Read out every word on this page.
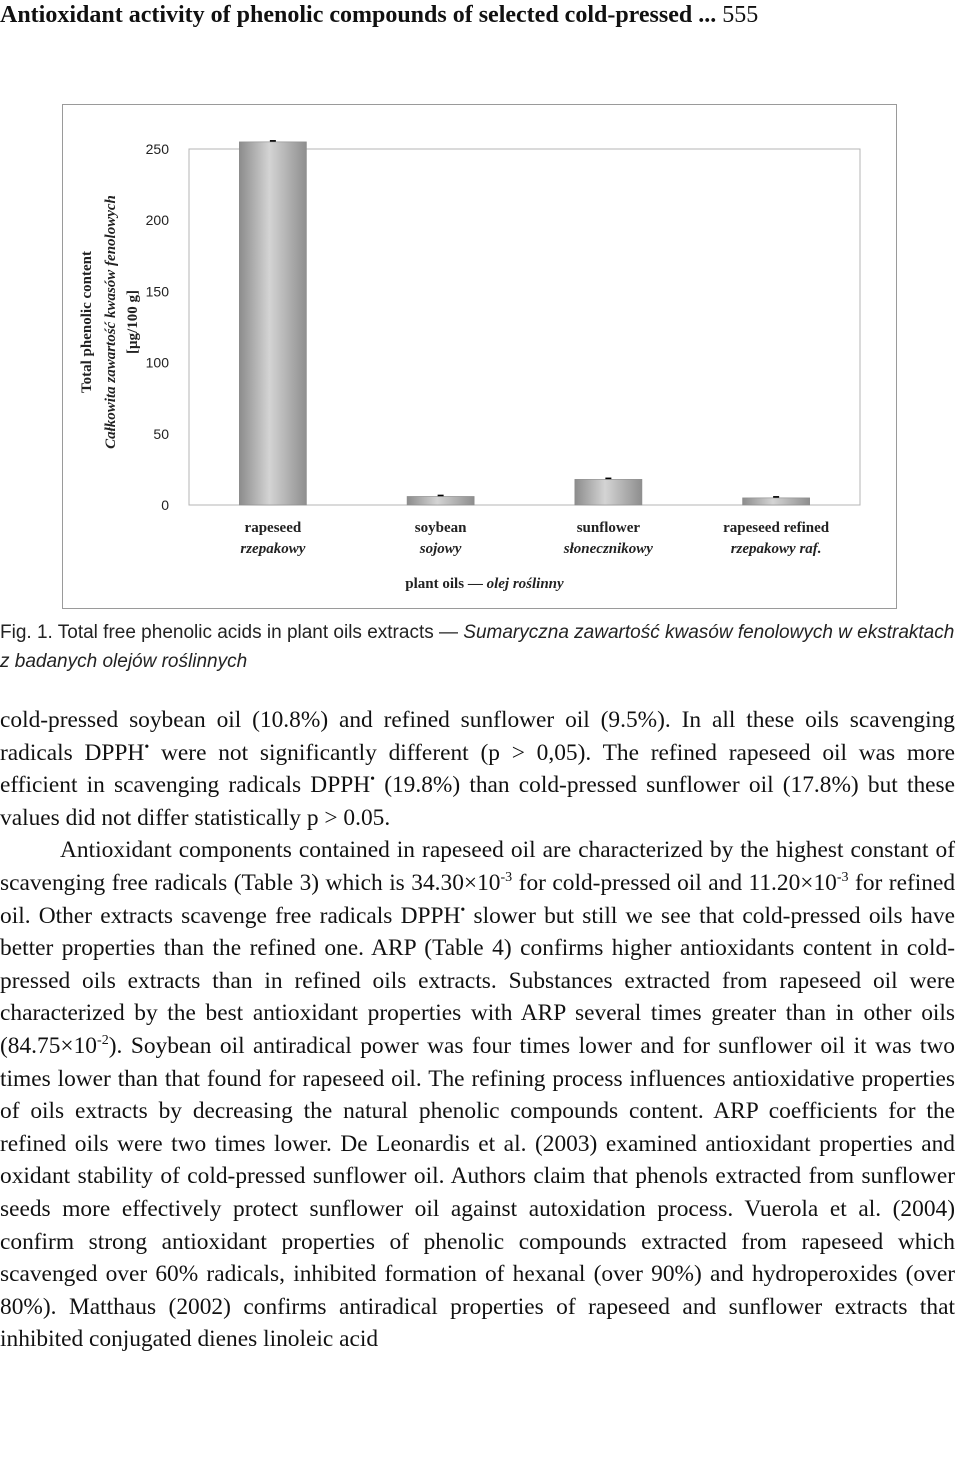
Antioxidant activity of phenolic compounds of selected cold-pressed ... 555
250
200
150
100
50
0
rapeseed
rzepakowy
soybean
sojowy
sunflower
słonecznikowy
rapeseed refined
rzepakowy raf.
Total phenolic content Całkowita zawartość kwasów fenolowych [μg/100 g]
plant oils — olej roślinny
Fig. 1. Total free phenolic acids in plant oils extracts — Sumaryczna zawartość kwasów fenolowych w ekstraktach z badanych olejów roślinnych

cold-pressed soybean oil (10.8%) and refined sunflower oil (9.5%). In all these oils scavenging radicals DPPH• were not significantly different (p > 0,05). The refined rapeseed oil was more efficient in scavenging radicals DPPH• (19.8%) than cold-pressed sunflower oil (17.8%) but these values did not differ statistically p > 0.05.

Antioxidant components contained in rapeseed oil are characterized by the highest constant of scavenging free radicals (Table 3) which is $34.30\times 10^{-3}$ for cold-pressed oil and $11.20\times 10^{-3}$ for refined oil. Other extracts scavenge free radicals DPPH• slower but still we see that cold-pressed oils have better properties than the refined one. ARP (Table 4) confirms higher antioxidants content in cold-pressed oils extracts than in refined oils extracts. Substances extracted from rapeseed oil were characterized by the best antioxidant properties with ARP several times greater than in other oils $(84.75\times 10^{-2})$. Soybean oil antiradical power was four times lower and for sunflower oil it was two times lower than that found for rapeseed oil. The refining process influences antioxidative properties of oils extracts by decreasing the natural phenolic compounds content. ARP coefficients for the refined oils were two times lower. De Leonardis et al. (2003) examined antioxidant properties and oxidant stability of cold-pressed sunflower oil. Authors claim that phenols extracted from sunflower seeds more effectively protect sunflower oil against autoxidation process. Vuerola et al. (2004) confirm strong antioxidant properties of phenolic compounds extracted from rapeseed which scavenged over 60% radicals, inhibited formation of hexanal (over 90%) and hydroperoxides (over 80%). Matthaus (2002) confirms antiradical properties of rapeseed and sunflower extracts that inhibited conjugated dienes linoleic acid
